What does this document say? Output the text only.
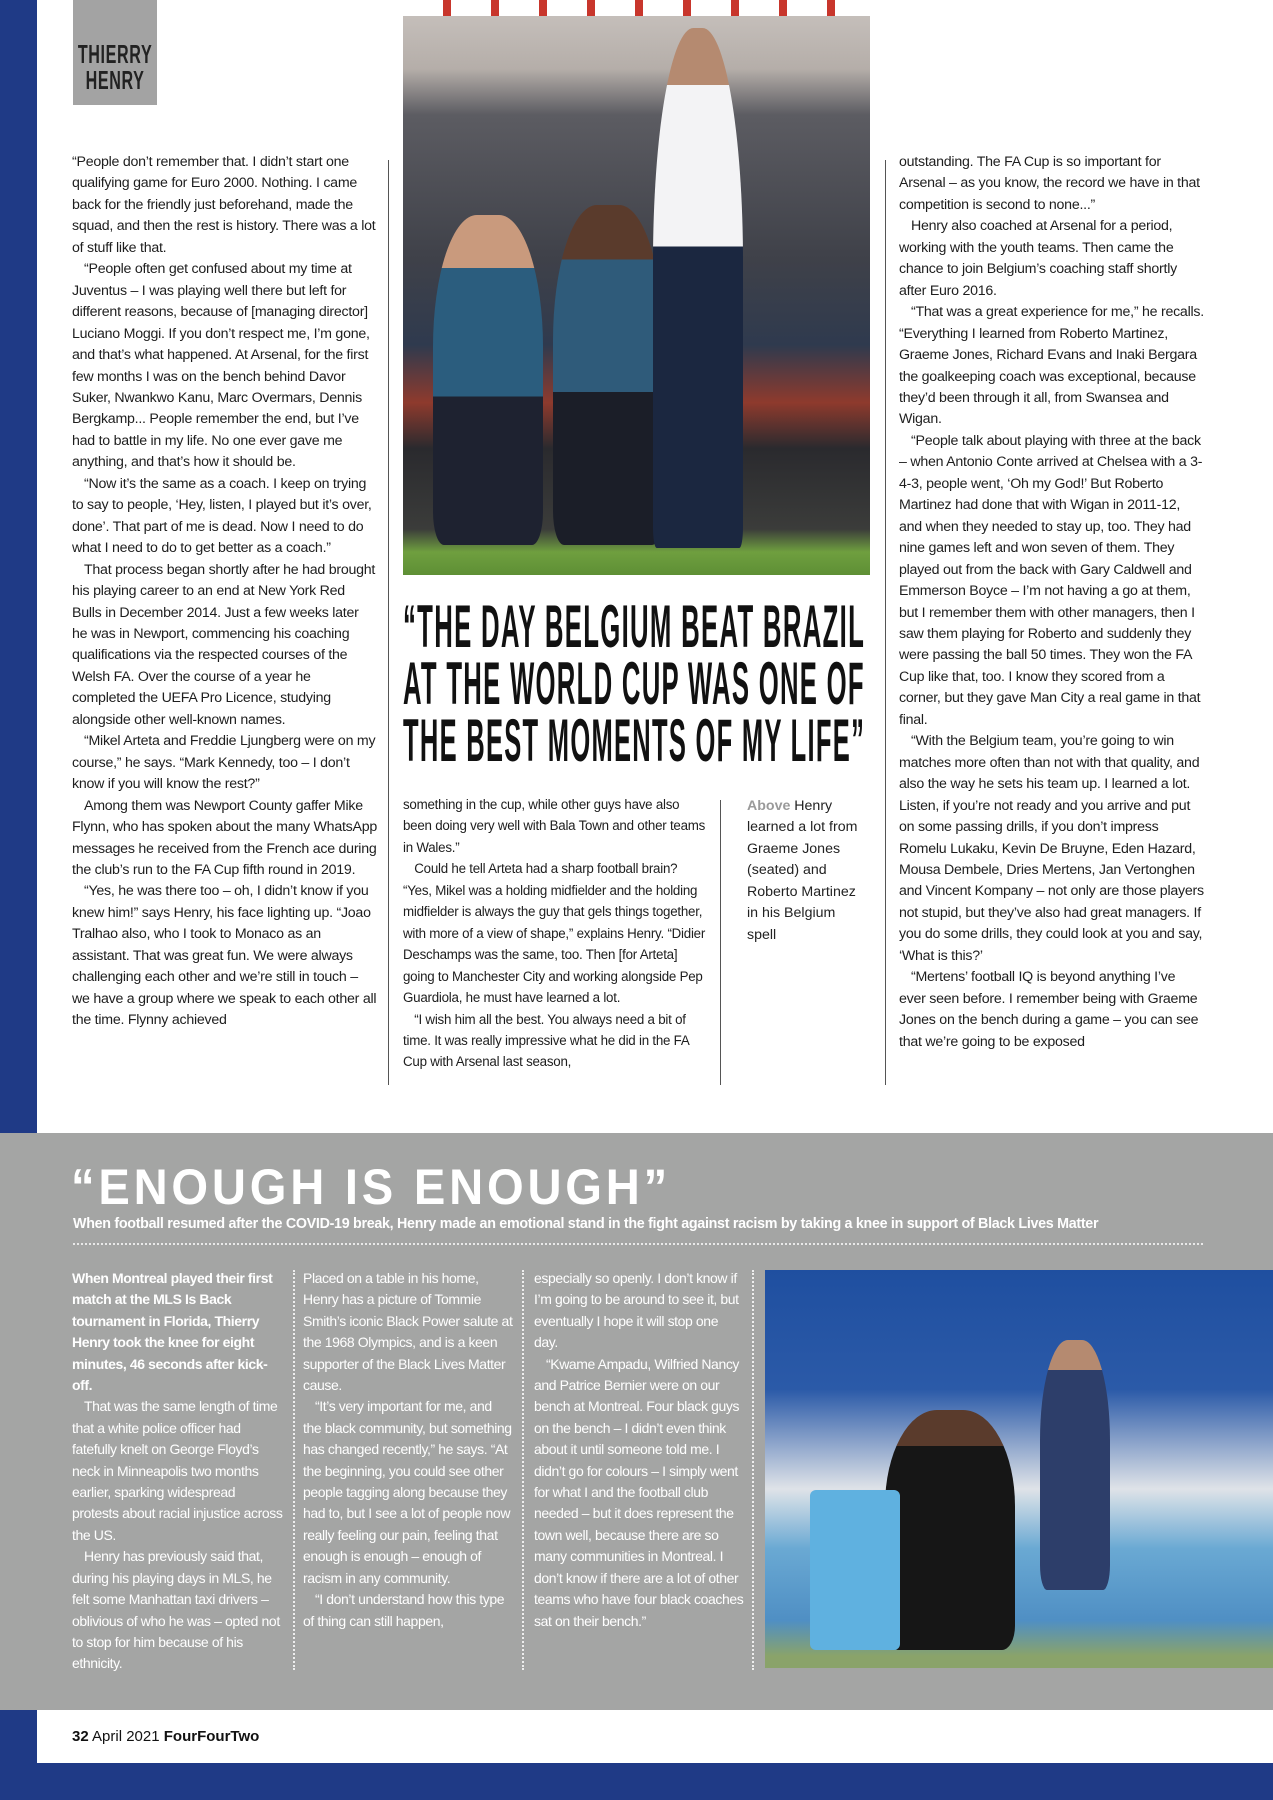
THIERRY
HENRY

“People don’t remember that. I didn’t start one qualifying game for Euro 2000. Nothing. I came back for the friendly just beforehand, made the squad, and then the rest is history. There was a lot of stuff like that.

“People often get confused about my time at Juventus – I was playing well there but left for different reasons, because of [managing director] Luciano Moggi. If you don’t respect me, I’m gone, and that’s what happened. At Arsenal, for the first few months I was on the bench behind Davor Suker, Nwankwo Kanu, Marc Overmars, Dennis Bergkamp... People remember the end, but I’ve had to battle in my life. No one ever gave me anything, and that’s how it should be.

“Now it’s the same as a coach. I keep on trying to say to people, ‘Hey, listen, I played but it’s over, done’. That part of me is dead. Now I need to do what I need to do to get better as a coach.”

That process began shortly after he had brought his playing career to an end at New York Red Bulls in December 2014. Just a few weeks later he was in Newport, commencing his coaching qualifications via the respected courses of the Welsh FA. Over the course of a year he completed the UEFA Pro Licence, studying alongside other well-known names.

“Mikel Arteta and Freddie Ljungberg were on my course,” he says. “Mark Kennedy, too – I don’t know if you will know the rest?”

Among them was Newport County gaffer Mike Flynn, who has spoken about the many WhatsApp messages he received from the French ace during the club’s run to the FA Cup fifth round in 2019.

“Yes, he was there too – oh, I didn’t know if you knew him!” says Henry, his face lighting up. “Joao Tralhao also, who I took to Monaco as an assistant. That was great fun. We were always challenging each other and we’re still in touch – we have a group where we speak to each other all the time. Flynny achieved

“THE DAY BELGIUM BEAT BRAZIL
AT THE WORLD CUP WAS ONE OF
THE BEST MOMENTS OF MY LIFE”

something in the cup, while other guys have also been doing very well with Bala Town and other teams in Wales.”

Could he tell Arteta had a sharp football brain? “Yes, Mikel was a holding midfielder and the holding midfielder is always the guy that gels things together, with more of a view of shape,” explains Henry. “Didier Deschamps was the same, too. Then [for Arteta] going to Manchester City and working alongside Pep Guardiola, he must have learned a lot.

“I wish him all the best. You always need a bit of time. It was really impressive what he did in the FA Cup with Arsenal last season,

Above Henry learned a lot from Graeme Jones (seated) and Roberto Martinez in his Belgium spell

outstanding. The FA Cup is so important for Arsenal – as you know, the record we have in that competition is second to none...”

Henry also coached at Arsenal for a period, working with the youth teams. Then came the chance to join Belgium’s coaching staff shortly after Euro 2016.

“That was a great experience for me,” he recalls. “Everything I learned from Roberto Martinez, Graeme Jones, Richard Evans and Inaki Bergara the goalkeeping coach was exceptional, because they’d been through it all, from Swansea and Wigan.

“People talk about playing with three at the back – when Antonio Conte arrived at Chelsea with a 3-4-3, people went, ‘Oh my God!’ But Roberto Martinez had done that with Wigan in 2011-12, and when they needed to stay up, too. They had nine games left and won seven of them. They played out from the back with Gary Caldwell and Emmerson Boyce – I’m not having a go at them, but I remember them with other managers, then I saw them playing for Roberto and suddenly they were passing the ball 50 times. They won the FA Cup like that, too. I know they scored from a corner, but they gave Man City a real game in that final.

“With the Belgium team, you’re going to win matches more often than not with that quality, and also the way he sets his team up. I learned a lot. Listen, if you’re not ready and you arrive and put on some passing drills, if you don’t impress Romelu Lukaku, Kevin De Bruyne, Eden Hazard, Mousa Dembele, Dries Mertens, Jan Vertonghen and Vincent Kompany – not only are those players not stupid, but they’ve also had great managers. If you do some drills, they could look at you and say, ‘What is this?’

“Mertens’ football IQ is beyond anything I’ve ever seen before. I remember being with Graeme Jones on the bench during a game – you can see that we’re going to be exposed

“ENOUGH IS ENOUGH”
When football resumed after the COVID-19 break, Henry made an emotional stand in the fight against racism by taking a knee in support of Black Lives Matter

When Montreal played their first match at the MLS Is Back tournament in Florida, Thierry Henry took the knee for eight minutes, 46 seconds after kick-off.

That was the same length of time that a white police officer had fatefully knelt on George Floyd’s neck in Minneapolis two months earlier, sparking widespread protests about racial injustice across the US.

Henry has previously said that, during his playing days in MLS, he felt some Manhattan taxi drivers – oblivious of who he was – opted not to stop for him because of his ethnicity.

Placed on a table in his home, Henry has a picture of Tommie Smith’s iconic Black Power salute at the 1968 Olympics, and is a keen supporter of the Black Lives Matter cause.

“It’s very important for me, and the black community, but something has changed recently,” he says. “At the beginning, you could see other people tagging along because they had to, but I see a lot of people now really feeling our pain, feeling that enough is enough – enough of racism in any community.

“I don’t understand how this type of thing can still happen,

especially so openly. I don’t know if I’m going to be around to see it, but eventually I hope it will stop one day.

“Kwame Ampadu, Wilfried Nancy and Patrice Bernier were on our bench at Montreal. Four black guys on the bench – I didn’t even think about it until someone told me. I didn’t go for colours – I simply went for what I and the football club needed – but it does represent the town well, because there are so many communities in Montreal. I don’t know if there are a lot of other teams who have four black coaches sat on their bench.”

32 April 2021 FourFourTwo
